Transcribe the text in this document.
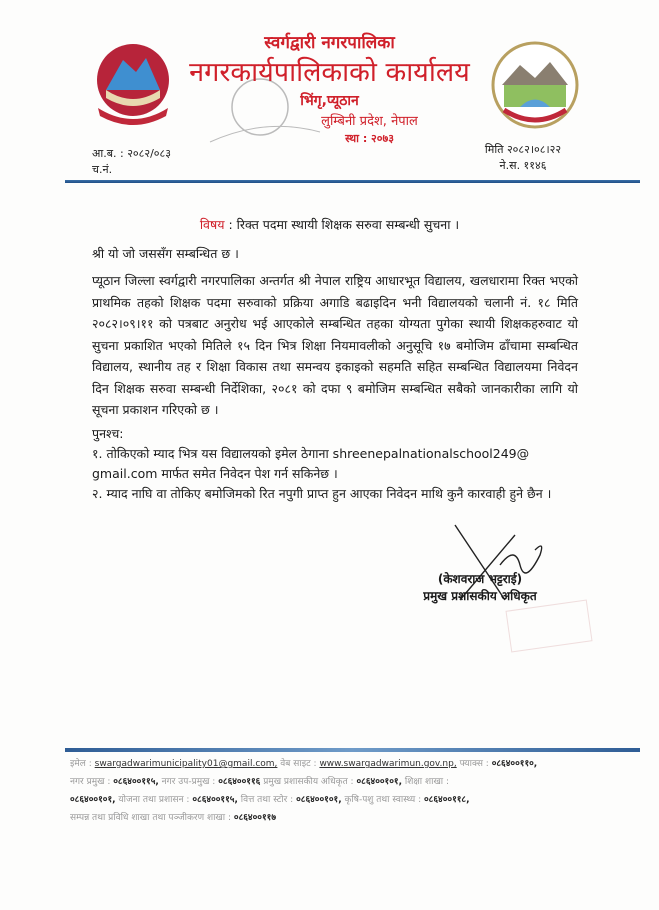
स्वर्गद्वारी नगरपालिका
नगरकार्यपालिकाको कार्यालय
भिंगृ,प्यूठान
लुम्बिनी प्रदेश, नेपाल
स्था : २०७३
आ.ब. : २०८२/०८३
च.नं.
मिति २०८२।०८।२२
ने.स. ११४६
विषय : रिक्त पदमा स्थायी शिक्षक सरुवा सम्बन्धी सुचना ।
श्री यो जो जससँग सम्बन्धित छ ।
प्यूठान जिल्ला स्वर्गद्वारी नगरपालिका अन्तर्गत श्री नेपाल राष्ट्रिय आधारभूत विद्यालय, खलधारामा रिक्त भएको प्राथमिक तहको शिक्षक पदमा सरुवाको प्रक्रिया अगाडि बढाइदिन भनी विद्यालयको चलानी नं. १८ मिति २०८२।०९।११ को पत्रबाट अनुरोध भई आएकोले सम्बन्धित तहका योग्यता पुगेका स्थायी शिक्षकहरुवाट यो सुचना प्रकाशित भएको मितिले १५ दिन भित्र शिक्षा नियमावलीको अनुसूचि १७ बमोजिम ढाँचामा सम्बन्धित विद्यालय, स्थानीय तह र शिक्षा विकास तथा समन्वय इकाइको सहमति सहित सम्बन्धित विद्यालयमा निवेदन दिन शिक्षक सरुवा सम्बन्धी निर्देशिका, २०८१ को दफा ९ बमोजिम सम्बन्धित सबैको जानकारीका लागि यो सूचना प्रकाशन गरिएको छ ।
पुनश्च:
१. तोकिएको म्याद भित्र यस विद्यालयको इमेल ठेगाना shreenepalnationalschool249@ gmail.com मार्फत समेत निवेदन पेश गर्न सकिनेछ ।
२. म्याद नाघि वा तोकिए बमोजिमको रित नपुगी प्राप्त हुन आएका निवेदन माथि कुनै कारवाही हुने छैन ।
(केशवराज भट्टराई)
प्रमुख प्रशासकीय अधिकृत
इमेल : swargadwarimunicipality01@gmail.com, वेब साइट : www.swargadwarimun.gov.np, फ्याक्स : ०८६४००११०,
नगर प्रमुख : ०८६४००११५, नगर उप-प्रमुख : ०८६४००११६ प्रमुख प्रशासकीय अधिकृत : ०८६४००१०१, शिक्षा शाखा :
०८६४००१०१, योजना तथा प्रशासन : ०८६४००११५, वित्त तथा स्टोर : ०८६४००१०१, कृषि-पशु तथा स्वास्थ्य : ०८६४००११८,
सम्पन्न तथा प्रविधि शाखा तथा पञ्जीकरण शाखा : ०८६४००११७
